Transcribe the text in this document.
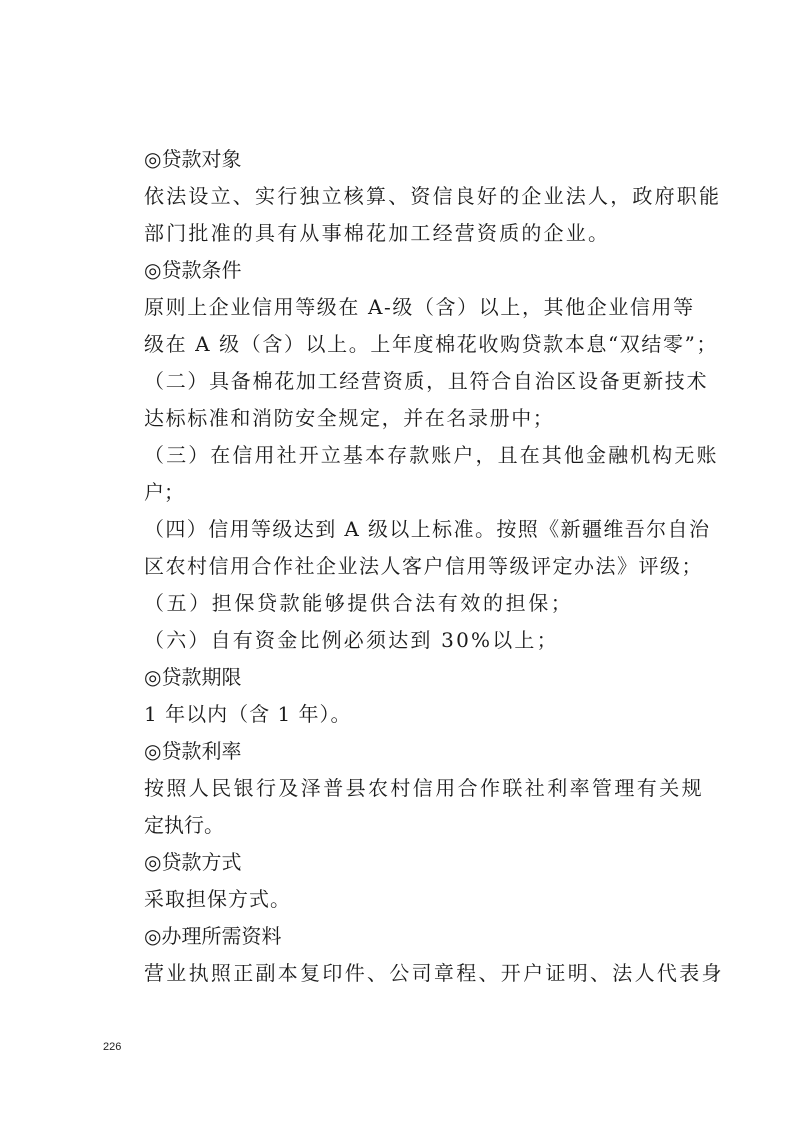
◎贷款对象
依法设立、实行独立核算、资信良好的企业法人，政府职能
部门批准的具有从事棉花加工经营资质的企业。
◎贷款条件
原则上企业信用等级在 A-级（含）以上，其他企业信用等
级在 A 级（含）以上。上年度棉花收购贷款本息“双结零”；
（二）具备棉花加工经营资质，且符合自治区设备更新技术
达标标准和消防安全规定，并在名录册中；
（三）在信用社开立基本存款账户，且在其他金融机构无账
户；
（四）信用等级达到 A 级以上标准。按照《新疆维吾尔自治
区农村信用合作社企业法人客户信用等级评定办法》评级；
（五）担保贷款能够提供合法有效的担保；
（六）自有资金比例必须达到 30%以上；
◎贷款期限
1 年以内（含 1 年）。
◎贷款利率
按照人民银行及泽普县农村信用合作联社利率管理有关规
定执行。
◎贷款方式
采取担保方式。
◎办理所需资料
营业执照正副本复印件、公司章程、开户证明、法人代表身
226
